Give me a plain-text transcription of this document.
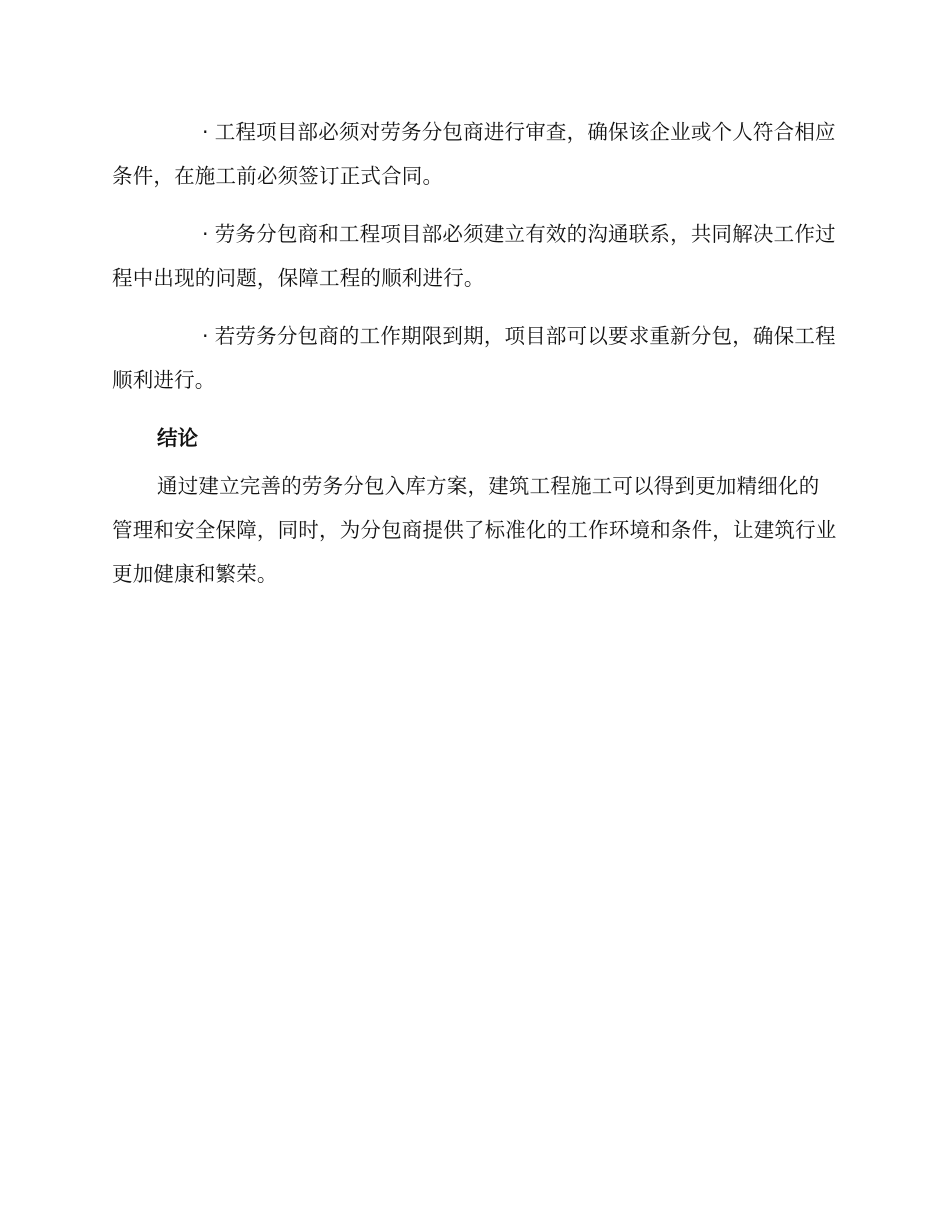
· 工程项目部必须对劳务分包商进行审查，确保该企业或个人符合相应条件，在施工前必须签订正式合同。

· 劳务分包商和工程项目部必须建立有效的沟通联系，共同解决工作过程中出现的问题，保障工程的顺利进行。

· 若劳务分包商的工作期限到期，项目部可以要求重新分包，确保工程顺利进行。

结论

通过建立完善的劳务分包入库方案，建筑工程施工可以得到更加精细化的管理和安全保障，同时，为分包商提供了标准化的工作环境和条件，让建筑行业更加健康和繁荣。
